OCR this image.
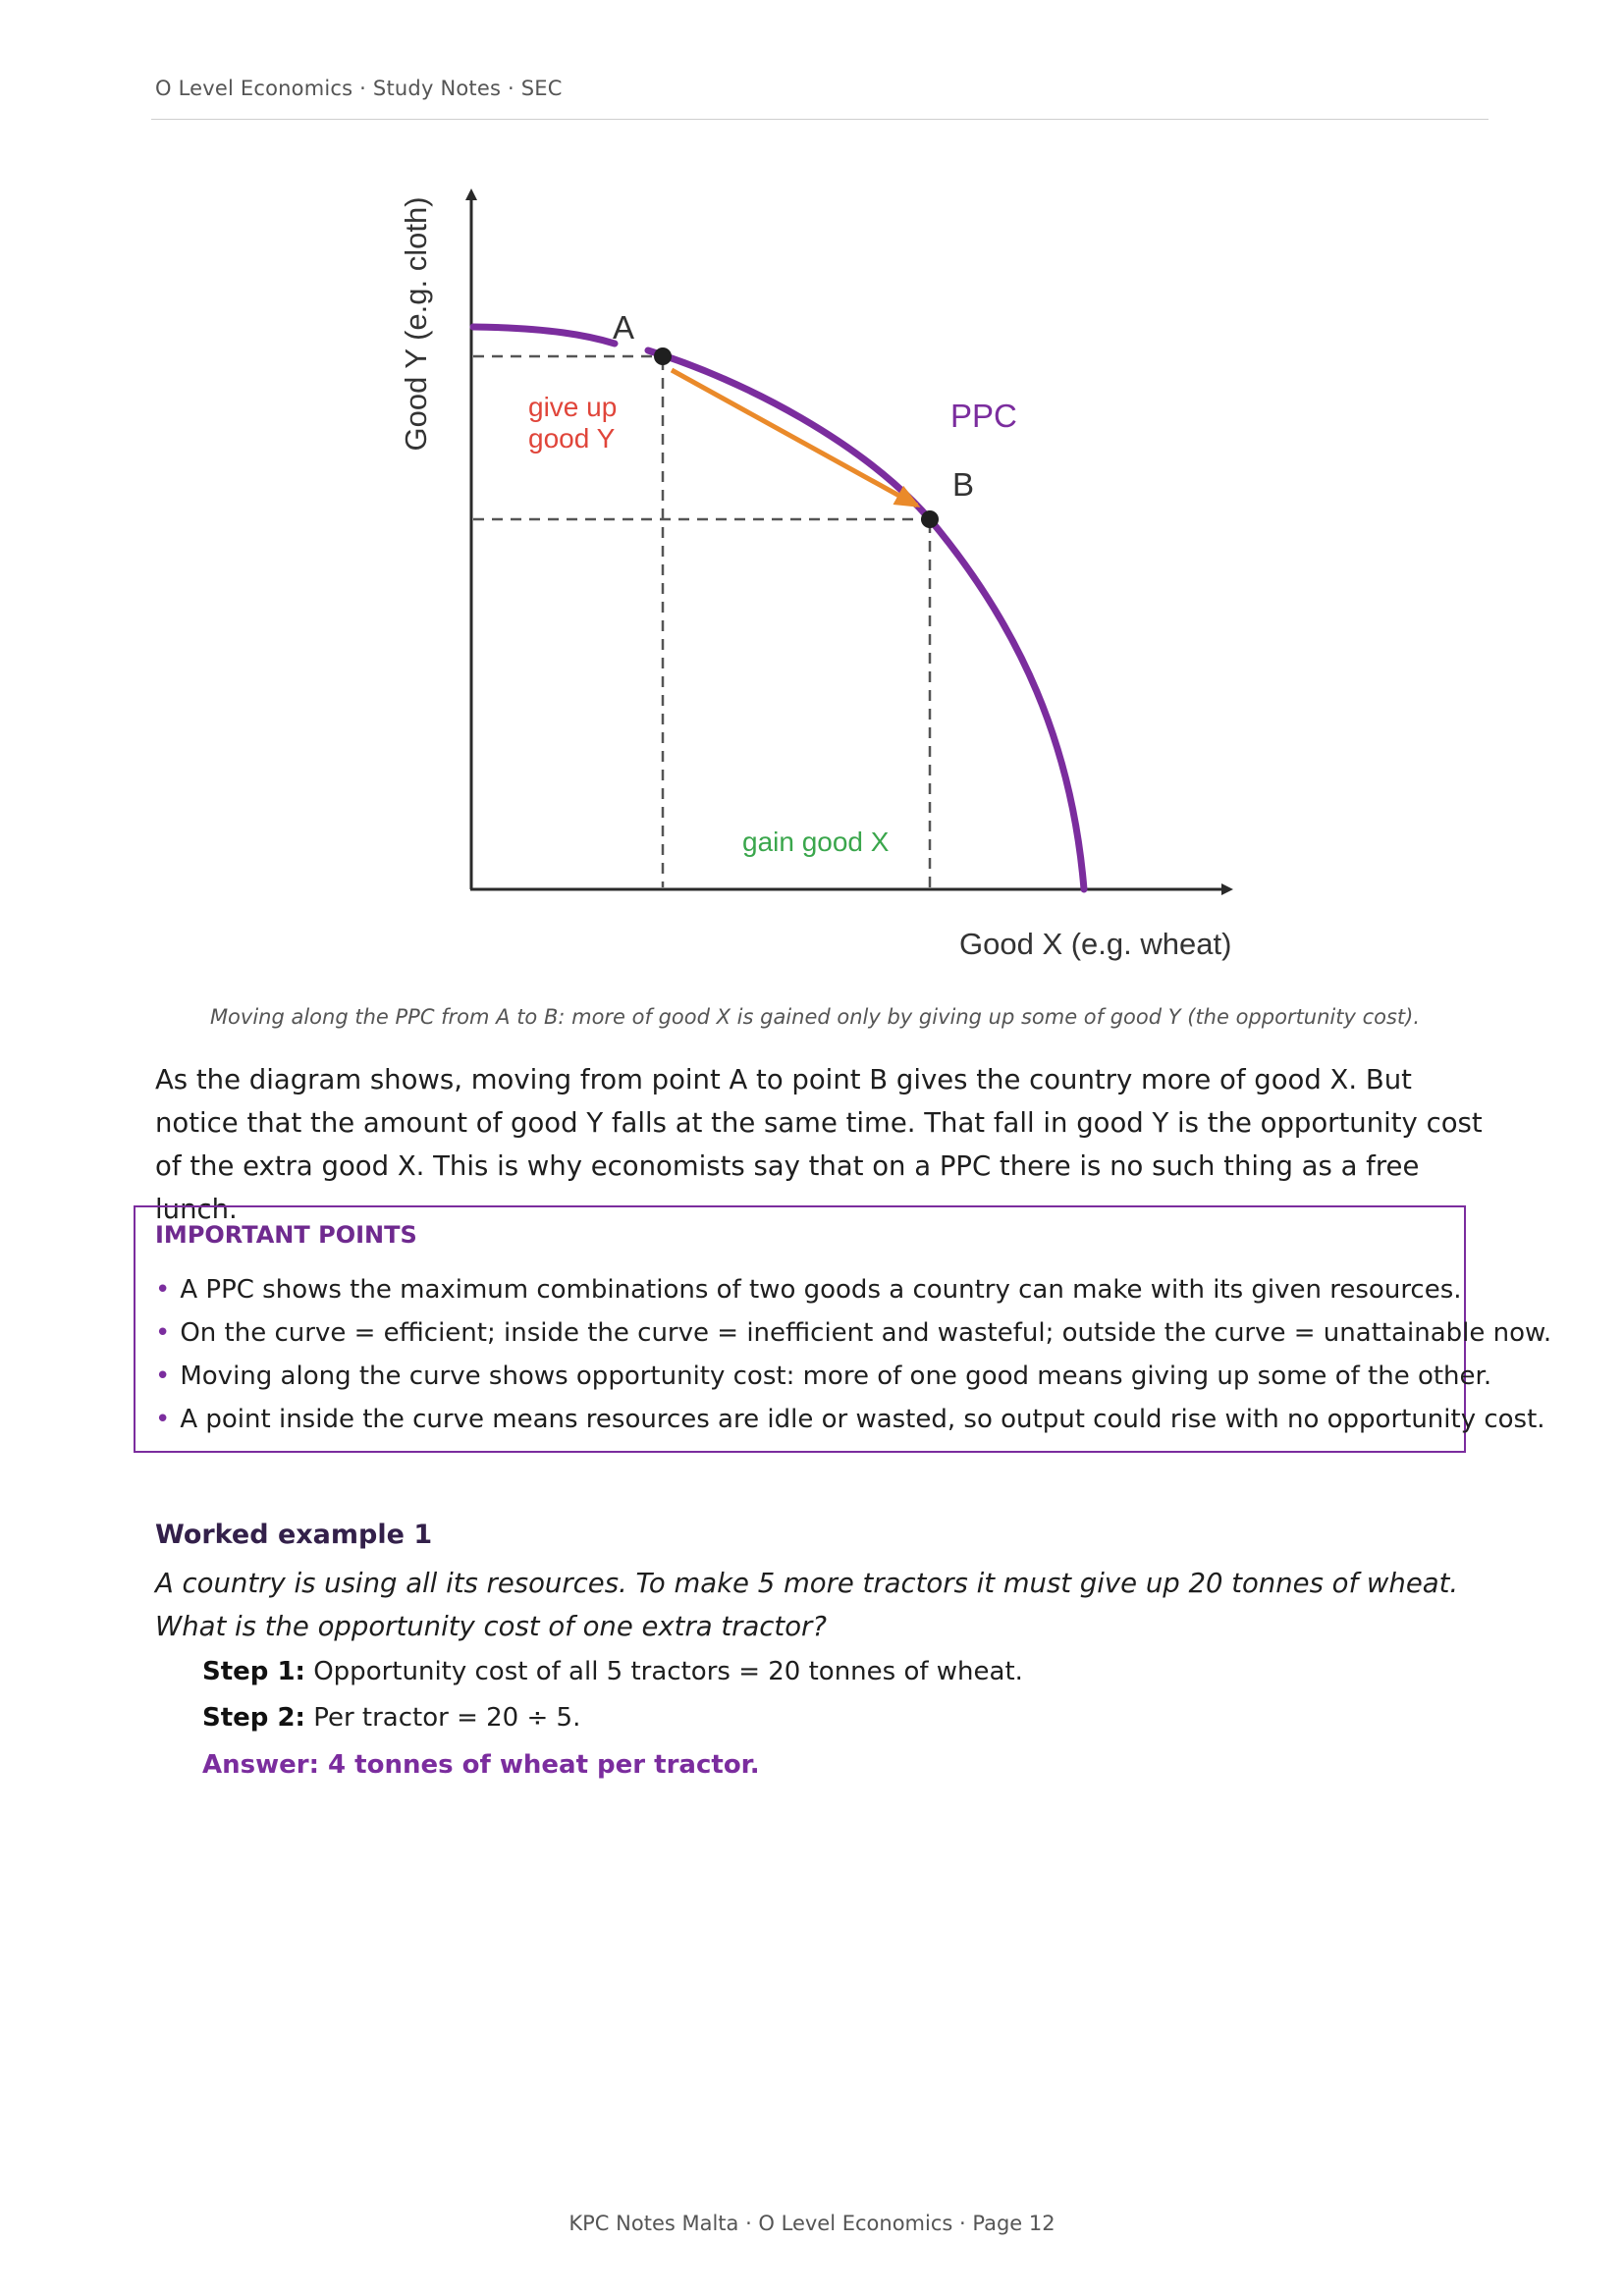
O Level Economics · Study Notes · SEC
A
B
PPC
give up
good Y
gain good X
Good X (e.g. wheat)
Good Y (e.g. cloth)
Moving along the PPC from A to B: more of good X is gained only by giving up some of good Y (the opportunity cost).

As the diagram shows, moving from point A to point B gives the country more of good X. But notice that the amount of good Y falls at the same time. That fall in good Y is the opportunity cost of the extra good X. This is why economists say that on a PPC there is no such thing as a free lunch.

IMPORTANT POINTS
• A PPC shows the maximum combinations of two goods a country can make with its given resources.
• On the curve = efficient; inside the curve = inefficient and wasteful; outside the curve = unattainable now.
• Moving along the curve shows opportunity cost: more of one good means giving up some of the other.
• A point inside the curve means resources are idle or wasted, so output could rise with no opportunity cost.
Worked example 1

A country is using all its resources. To make 5 more tractors it must give up 20 tonnes of wheat. What is the opportunity cost of one extra tractor?

Step 1: Opportunity cost of all 5 tractors = 20 tonnes of wheat.
Step 2: Per tractor = 20 ÷ 5.
Answer: 4 tonnes of wheat per tractor.
KPC Notes Malta · O Level Economics · Page 12
